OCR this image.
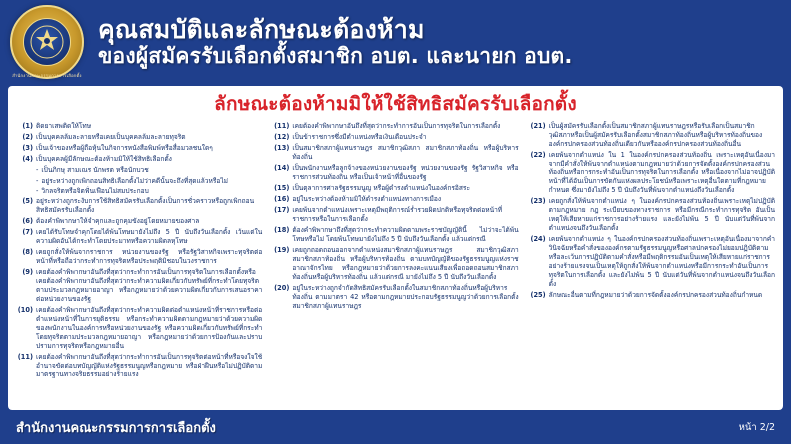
สำนักงานคณะกรรมการการเลือกตั้ง
คุณสมบัติและลักษณะต้องห้าม
ของผู้สมัครรับเลือกตั้งสมาชิก อบต. และนายก อบต.
ลักษณะต้องห้ามมิให้ใช้สิทธิสมัครรับเลือกตั้ง
(1) ติดยาเสพติดให้โทษ
(2) เป็นบุคคลล้มละลายหรือเคยเป็นบุคคลล้มละลายทุจริต
(3) เป็นเจ้าของหรือผู้ถือหุ้นในกิจการหนังสือพิมพ์หรือสื่อมวลชนใดๆ
(4) เป็นบุคคลผู้มีลักษณะต้องห้ามมิให้ใช้สิทธิเลือกตั้ง
- เป็นภิกษุ สามเณร นักพรต หรือนักบวช
- อยู่ระหว่างถูกเพิกถอนสิทธิเลือกตั้งไม่ว่าคดีนั้นจะถึงที่สุดแล้วหรือไม่
- วิกลจริตหรือจิตฟั่นเฟือนไม่สมประกอบ
(5) อยู่ระหว่างถูกระงับการใช้สิทธิสมัครรับเลือกตั้งเป็นการชั่วคราวหรือถูกเพิกถอนสิทธิสมัครรับเลือกตั้ง
(6) ต้องคำพิพากษาให้จำคุกและถูกคุมขังอยู่โดยหมายของศาล
(7) เคยได้รับโทษจำคุกโดยได้พ้นโทษมายังไม่ถึง 5 ปี นับถึงวันเลือกตั้ง เว้นแต่ในความผิดอันได้กระทำโดยประมาทหรือความผิดลหุโทษ
(8) เคยถูกสั่งให้พ้นจากราชการ หน่วยงานของรัฐ หรือรัฐวิสาหกิจเพราะทุจริตต่อหน้าที่หรือถือว่ากระทำการทุจริตหรือประพฤติมิชอบในวงราชการ
(9) เคยต้องคำพิพากษาอันถึงที่สุดว่ากระทำการอันเป็นการทุจริตในการเลือกตั้งหรือเคยต้องคำพิพากษาอันถึงที่สุดว่ากระทำความผิดเกี่ยวกับทรัพย์ที่กระทำโดยทุจริตตามประมวลกฎหมายอาญา หรือกฎหมายว่าด้วยความผิดเกี่ยวกับการเสนอราคาต่อหน่วยงานของรัฐ
(10) เคยต้องคำพิพากษาอันถึงที่สุดว่ากระทำความผิดต่อตำแหน่งหน้าที่ราชการหรือต่อตำแหน่งหน้าที่ในการยุติธรรม หรือกระทำความผิดตามกฎหมายว่าด้วยความผิดของพนักงานในองค์การหรือหน่วยงานของรัฐ หรือความผิดเกี่ยวกับทรัพย์ที่กระทำโดยทุจริตตามประมวลกฎหมายอาญา หรือกฎหมายว่าด้วยการป้องกันและปราบปรามการทุจริตหรือกฎหมายอื่น
(11) เคยต้องคำพิพากษาอันถึงที่สุดว่ากระทำการอันเป็นการทุจริตต่อหน้าที่หรือจงใจใช้อำนาจขัดต่อบทบัญญัติแห่งรัฐธรรมนูญหรือกฎหมาย หรือฝ่าฝืนหรือไม่ปฏิบัติตามมาตรฐานทางจริยธรรมอย่างร้ายแรง
(11) เคยต้องคำพิพากษาอันถึงที่สุดว่ากระทำการอันเป็นการทุจริตในการเลือกตั้ง
(12) เป็นข้าราชการซึ่งมีตำแหน่งหรือเงินเดือนประจำ
(13) เป็นสมาชิกสภาผู้แทนราษฎร สมาชิกวุฒิสภา สมาชิกสภาท้องถิ่น หรือผู้บริหารท้องถิ่น
(14) เป็นพนักงานหรือลูกจ้างของหน่วยงานของรัฐ หน่วยงานของรัฐ รัฐวิสาหกิจ หรือราชการส่วนท้องถิ่น หรือเป็นเจ้าหน้าที่อื่นของรัฐ
(15) เป็นตุลาการศาลรัฐธรรมนูญ หรือผู้ดำรงตำแหน่งในองค์กรอิสระ
(16) อยู่ในระหว่างต้องห้ามมิให้ดำรงตำแหน่งทางการเมือง
(17) เคยพ้นจากตำแหน่งเพราะเหตุมีพฤติการณ์ร่ำรวยผิดปกติหรือทุจริตต่อหน้าที่ราชการหรือในการเลือกตั้ง
(18) ต้องคำพิพากษาถึงที่สุดว่ากระทำความผิดตามพระราชบัญญัตินี้ ไม่ว่าจะได้พ้นโทษหรือไม่ โดยพ้นโทษมายังไม่ถึง 5 ปี นับถึงวันเลือกตั้ง แล้วแต่กรณี
(19) เคยถูกถอดถอนออกจากตำแหน่งสมาชิกสภาผู้แทนราษฎร สมาชิกวุฒิสภา สมาชิกสภาท้องถิ่น หรือผู้บริหารท้องถิ่น ตามบทบัญญัติของรัฐธรรมนูญแห่งราชอาณาจักรไทย หรือกฎหมายว่าด้วยการลงคะแนนเสียงเพื่อถอดถอนสมาชิกสภาท้องถิ่นหรือผู้บริหารท้องถิ่น แล้วแต่กรณี มายังไม่ถึง 5 ปี นับถึงวันเลือกตั้ง
(20) อยู่ในระหว่างถูกจำกัดสิทธิสมัครรับเลือกตั้งในสมาชิกสภาท้องถิ่นหรือผู้บริหารท้องถิ่น ตามมาตรา 42 หรือตามกฎหมายประกอบรัฐธรรมนูญว่าด้วยการเลือกตั้งสมาชิกสภาผู้แทนราษฎร
(21) เป็นผู้สมัครรับเลือกตั้งเป็นสมาชิกสภาผู้แทนราษฎรหรือรับเลือกเป็นสมาชิกวุฒิสภาหรือเป็นผู้สมัครรับเลือกตั้งสมาชิกสภาท้องถิ่นหรือผู้บริหารท้องถิ่นขององค์กรปกครองส่วนท้องถิ่นเดียวกันหรือองค์กรปกครองส่วนท้องถิ่นอื่น
(22) เคยพ้นจากตำแหน่ง ใน 1 ในองค์กรปกครองส่วนท้องถิ่น เพราะเหตุอันเนื่องมาจากมีคำสั่งให้พ้นจากตำแหน่งตามกฎหมายว่าด้วยการจัดตั้งองค์กรปกครองส่วนท้องถิ่นหรือการกระทำอันเป็นการทุจริตในการเลือกตั้ง หรือเนื่องจากไม่อาจปฏิบัติหน้าที่ได้อันเป็นการขัดกันแห่งผลประโยชน์หรือเพราะเหตุอื่นใดตามที่กฎหมายกำหนด ซึ่งมายังไม่ถึง 5 ปี นับถึงวันที่พ้นจากตำแหน่งถึงวันเลือกตั้ง
(23) เคยถูกสั่งให้พ้นจากตำแหน่ง ๆ ในองค์กรปกครองส่วนท้องถิ่นเพราะเหตุไม่ปฏิบัติตามกฎหมาย กฎ ระเบียบของทางราชการ หรือมีกรณีกระทำการทุจริต อันเป็นเหตุให้เสียหายแก่ราชการอย่างร้ายแรง และยังไม่พ้น 5 ปี นับแต่วันที่พ้นจากตำแหน่งจนถึงวันเลือกตั้ง
(24) เคยพ้นจากตำแหน่ง ๆ ในองค์กรปกครองส่วนท้องถิ่นเพราะเหตุอันเนื่องมาจากคำวินิจฉัยหรือคำสั่งขององค์กรตามรัฐธรรมนูญหรือศาลปกครองไม่ยอมปฏิบัติตามหรือละเว้นการปฏิบัติตามคำสั่งหรือมีพฤติกรรมอันเป็นเหตุให้เสียหายแก่ราชการอย่างร้ายแรงจนเป็นเหตุให้ถูกสั่งให้พ้นจากตำแหน่งหรือมีการกระทำอันเป็นการทุจริตในการเลือกตั้ง และยังไม่พ้น 5 ปี นับแต่วันที่พ้นจากตำแหน่งจนถึงวันเลือกตั้ง
(25) ลักษณะอื่นตามที่กฎหมายว่าด้วยการจัดตั้งองค์กรปกครองส่วนท้องถิ่นกำหนด
สำนักงานคณะกรรมการการเลือกตั้ง	หน้า 2/2
